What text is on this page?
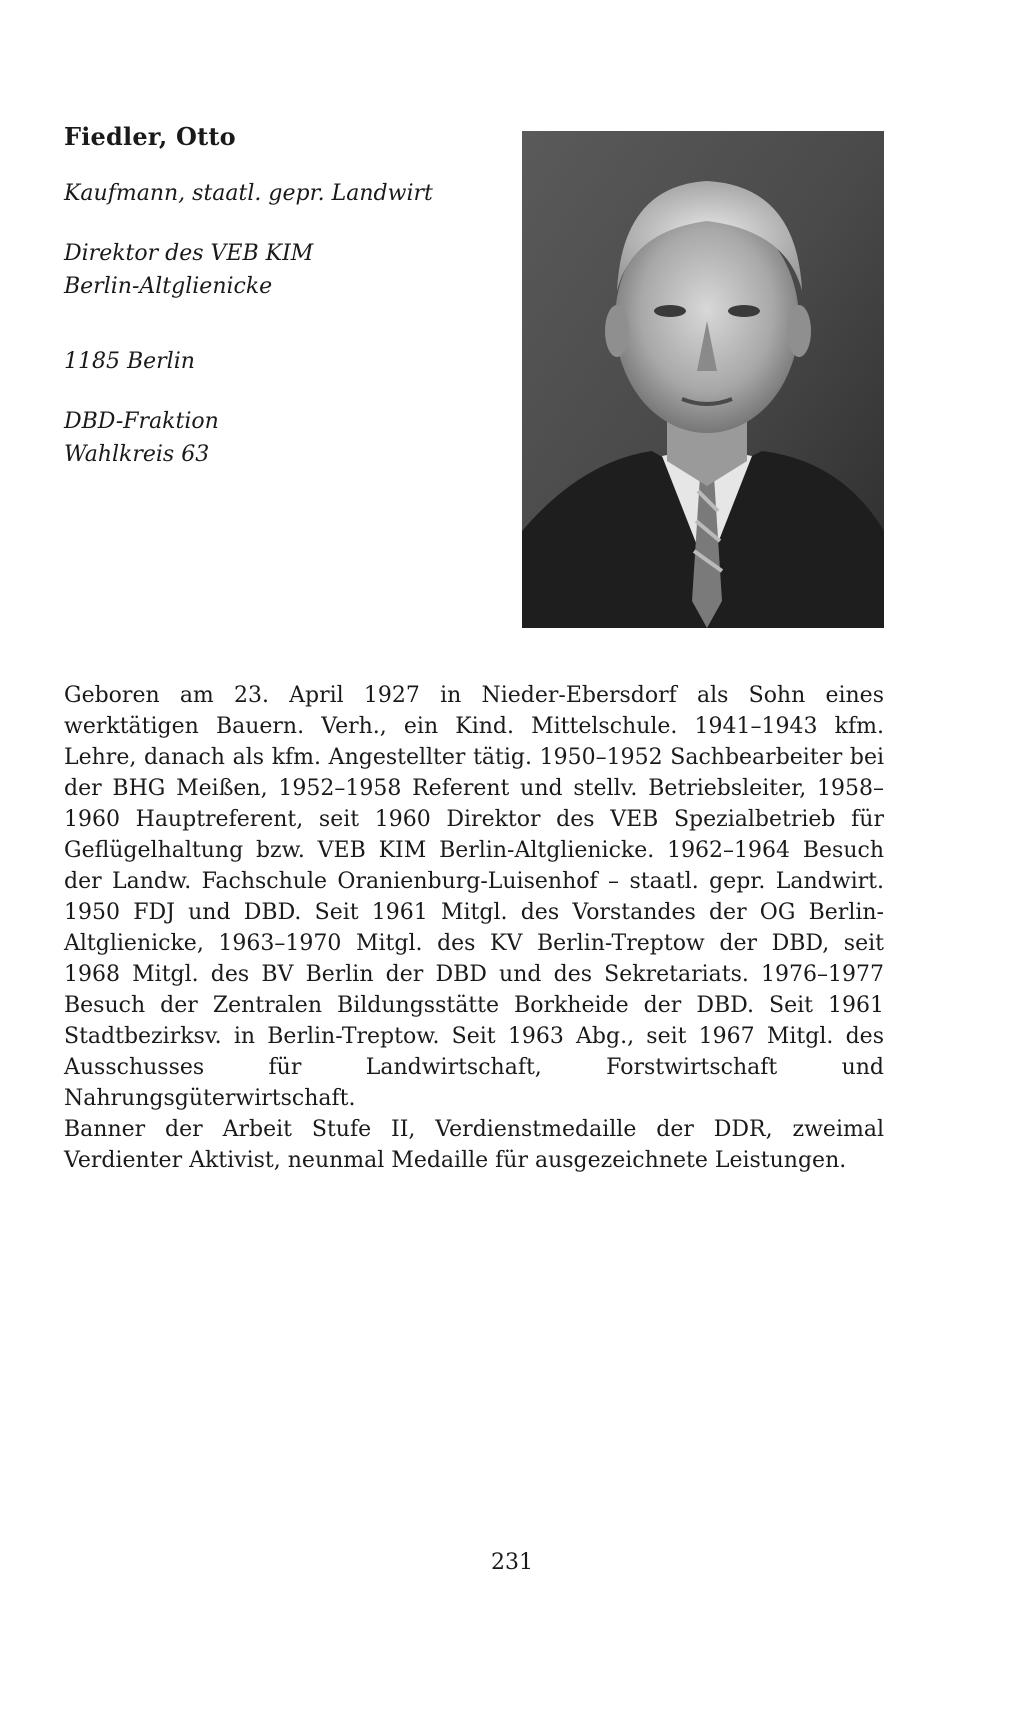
Fiedler, Otto
Kaufmann, staatl. gepr. Landwirt
Direktor des VEB KIM
Berlin-Altglienicke
1185 Berlin
DBD-Fraktion
Wahlkreis 63

Geboren am 23. April 1927 in Nieder-Ebersdorf als Sohn eines werktätigen Bauern. Verh., ein Kind. Mittelschule. 1941–1943 kfm. Lehre, danach als kfm. Angestellter tätig. 1950–1952 Sachbearbeiter bei der BHG Meißen, 1952–1958 Referent und stellv. Betriebsleiter, 1958–1960 Hauptreferent, seit 1960 Direktor des VEB Spezialbetrieb für Geflügelhaltung bzw. VEB KIM Berlin-Altglienicke. 1962–1964 Besuch der Landw. Fachschule Oranienburg-Luisenhof – staatl. gepr. Landwirt. 1950 FDJ und DBD. Seit 1961 Mitgl. des Vorstandes der OG Berlin-Altglienicke, 1963–1970 Mitgl. des KV Berlin-Treptow der DBD, seit 1968 Mitgl. des BV Berlin der DBD und des Sekretariats. 1976–1977 Besuch der Zentralen Bildungsstätte Borkheide der DBD. Seit 1961 Stadtbezirksv. in Berlin-Treptow. Seit 1963 Abg., seit 1967 Mitgl. des Ausschusses für Landwirtschaft, Forstwirtschaft und Nahrungsgüterwirtschaft.

Banner der Arbeit Stufe II, Verdienstmedaille der DDR, zweimal Verdienter Aktivist, neunmal Medaille für ausgezeichnete Leistungen.

231
